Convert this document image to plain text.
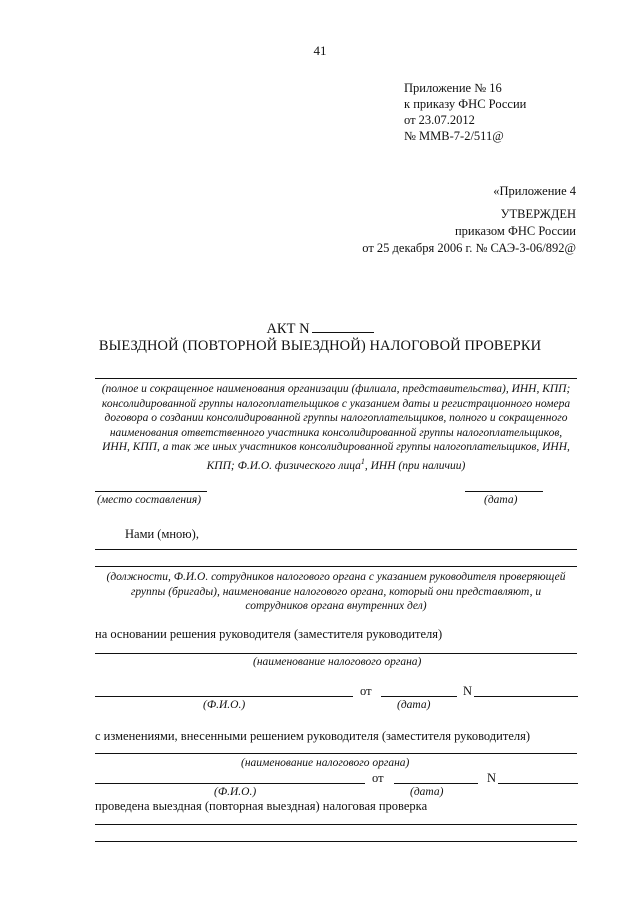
41
Приложение № 16
к приказу ФНС России
от 23.07.2012
№ ММВ-7-2/511@
«Приложение 4
УТВЕРЖДЕН
приказом ФНС России
от 25 декабря 2006 г. № САЭ-3-06/892@
АКТ N
ВЫЕЗДНОЙ (ПОВТОРНОЙ ВЫЕЗДНОЙ) НАЛОГОВОЙ ПРОВЕРКИ
(полное и сокращенное наименования организации (филиала, представительства), ИНН, КПП;
консолидированной группы налогоплательщиков с указанием даты и регистрационного номера
договора о создании консолидированной группы налогоплательщиков, полного и сокращенного
наименования ответственного участника консолидированной группы налогоплательщиков,
ИНН, КПП, а так же иных участников консолидированной группы налогоплательщиков, ИНН,
КПП; Ф.И.О. физического лица$^1$, ИНН (при наличии)
(место составления)	(дата)
Нами (мною),
(должности, Ф.И.О. сотрудников налогового органа с указанием руководителя проверяющей
группы (бригады), наименование налогового органа, который они представляют, и
сотрудников органа внутренних дел)
на основании решения руководителя (заместителя руководителя)
(наименование налогового органа)
от	N
(Ф.И.О.)	(дата)
с изменениями, внесенными решением руководителя (заместителя руководителя)
(наименование налогового органа)
от	N
(Ф.И.О.)	(дата)
проведена выездная (повторная выездная) налоговая проверка
